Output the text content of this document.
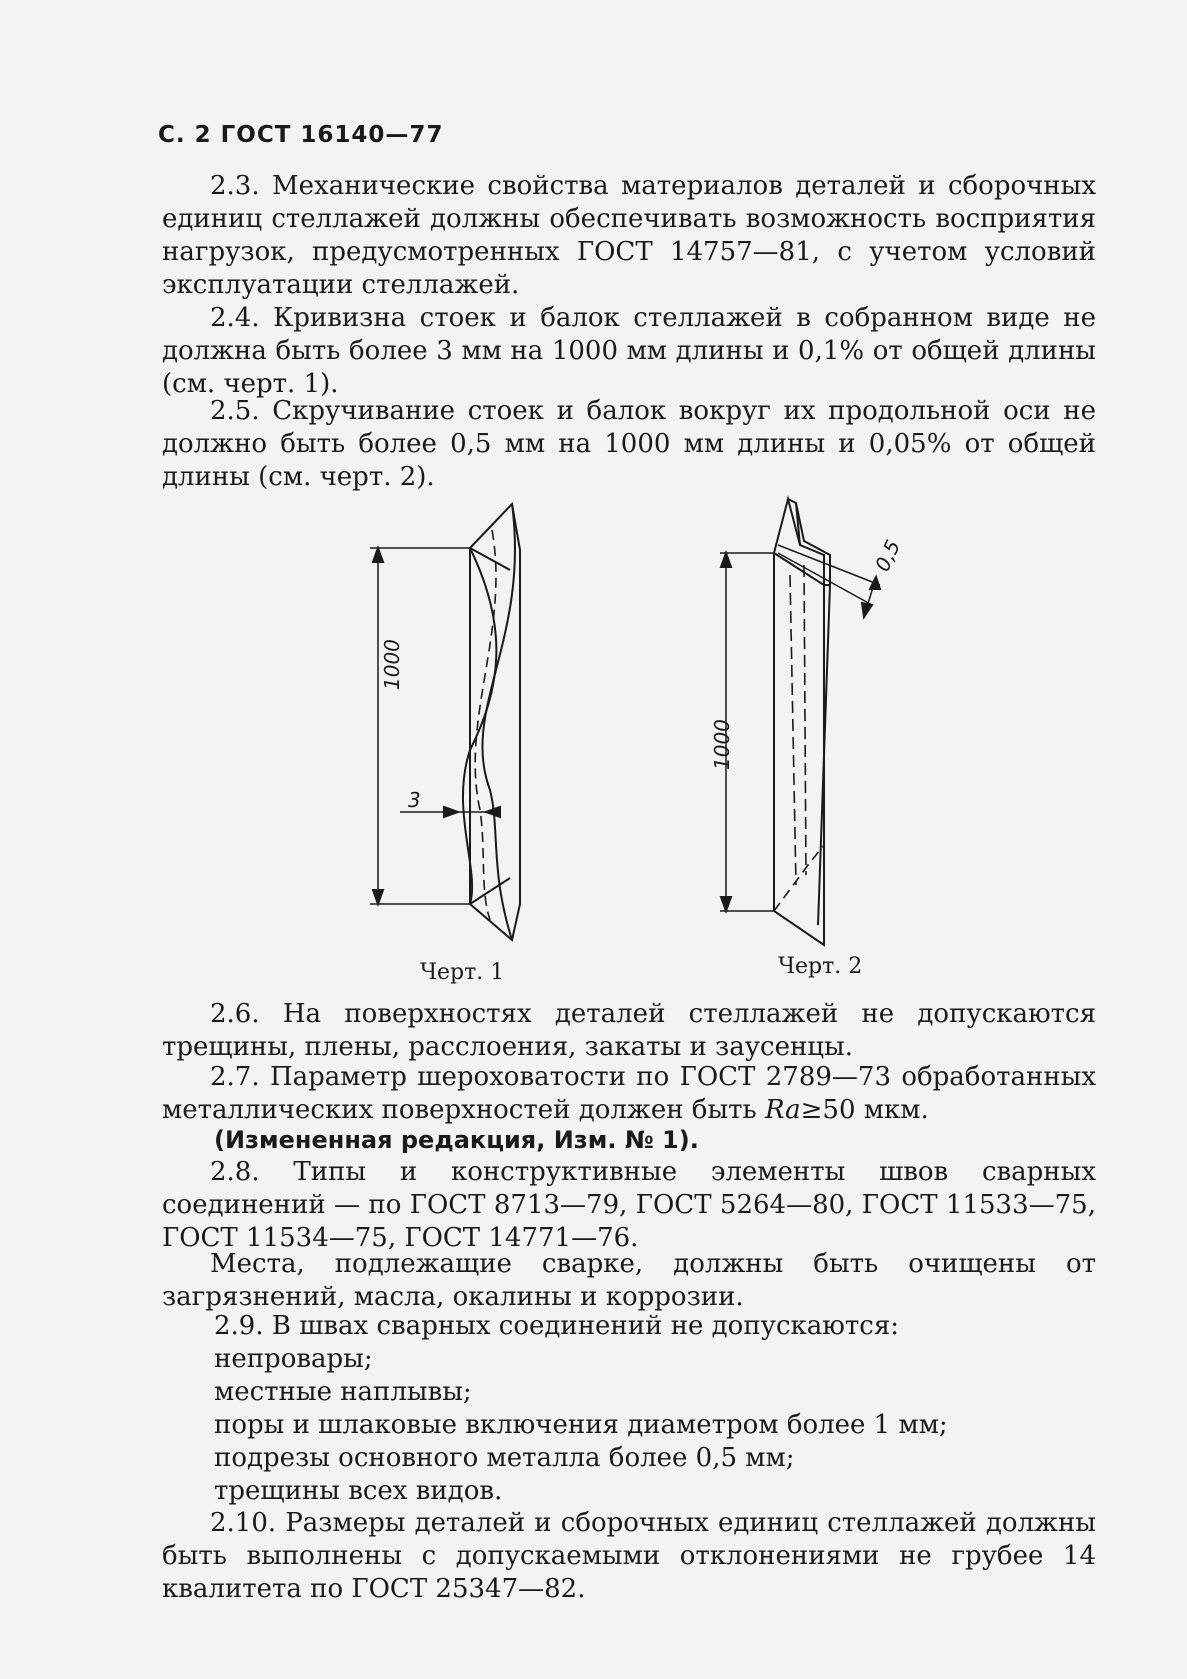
С. 2 ГОСТ 16140—77

2.3. Механические свойства материалов деталей и сборочных единиц стеллажей должны обеспечивать возможность восприятия нагрузок, предусмотренных ГОСТ 14757—81, с учетом условий эксплуатации стеллажей.

2.4. Кривизна стоек и балок стеллажей в собранном виде не должна быть более 3 мм на 1000 мм длины и 0,1% от общей длины (см. черт. 1).

2.5. Скручивание стоек и балок вокруг их продольной оси не должно быть более 0,5 мм на 1000 мм длины и 0,05% от общей длины (см. черт. 2).

1000
3
Черт. 1
1000
0,5
Черт. 2

2.6. На поверхностях деталей стеллажей не допускаются трещины, плены, расслоения, закаты и заусенцы.

2.7. Параметр шероховатости по ГОСТ 2789—73 обработанных металлических поверхностей должен быть Ra≥50 мкм.

(Измененная редакция, Изм. № 1).

2.8. Типы и конструктивные элементы швов сварных соединений — по ГОСТ 8713—79, ГОСТ 5264—80, ГОСТ 11533—75, ГОСТ 11534—75, ГОСТ 14771—76.

Места, подлежащие сварке, должны быть очищены от загрязнений, масла, окалины и коррозии.

2.9. В швах сварных соединений не допускаются:
непровары;
местные наплывы;
поры и шлаковые включения диаметром более 1 мм;
подрезы основного металла более 0,5 мм;
трещины всех видов.

2.10. Размеры деталей и сборочных единиц стеллажей должны быть выполнены с допускаемыми отклонениями не грубее 14 квалитета по ГОСТ 25347—82.
